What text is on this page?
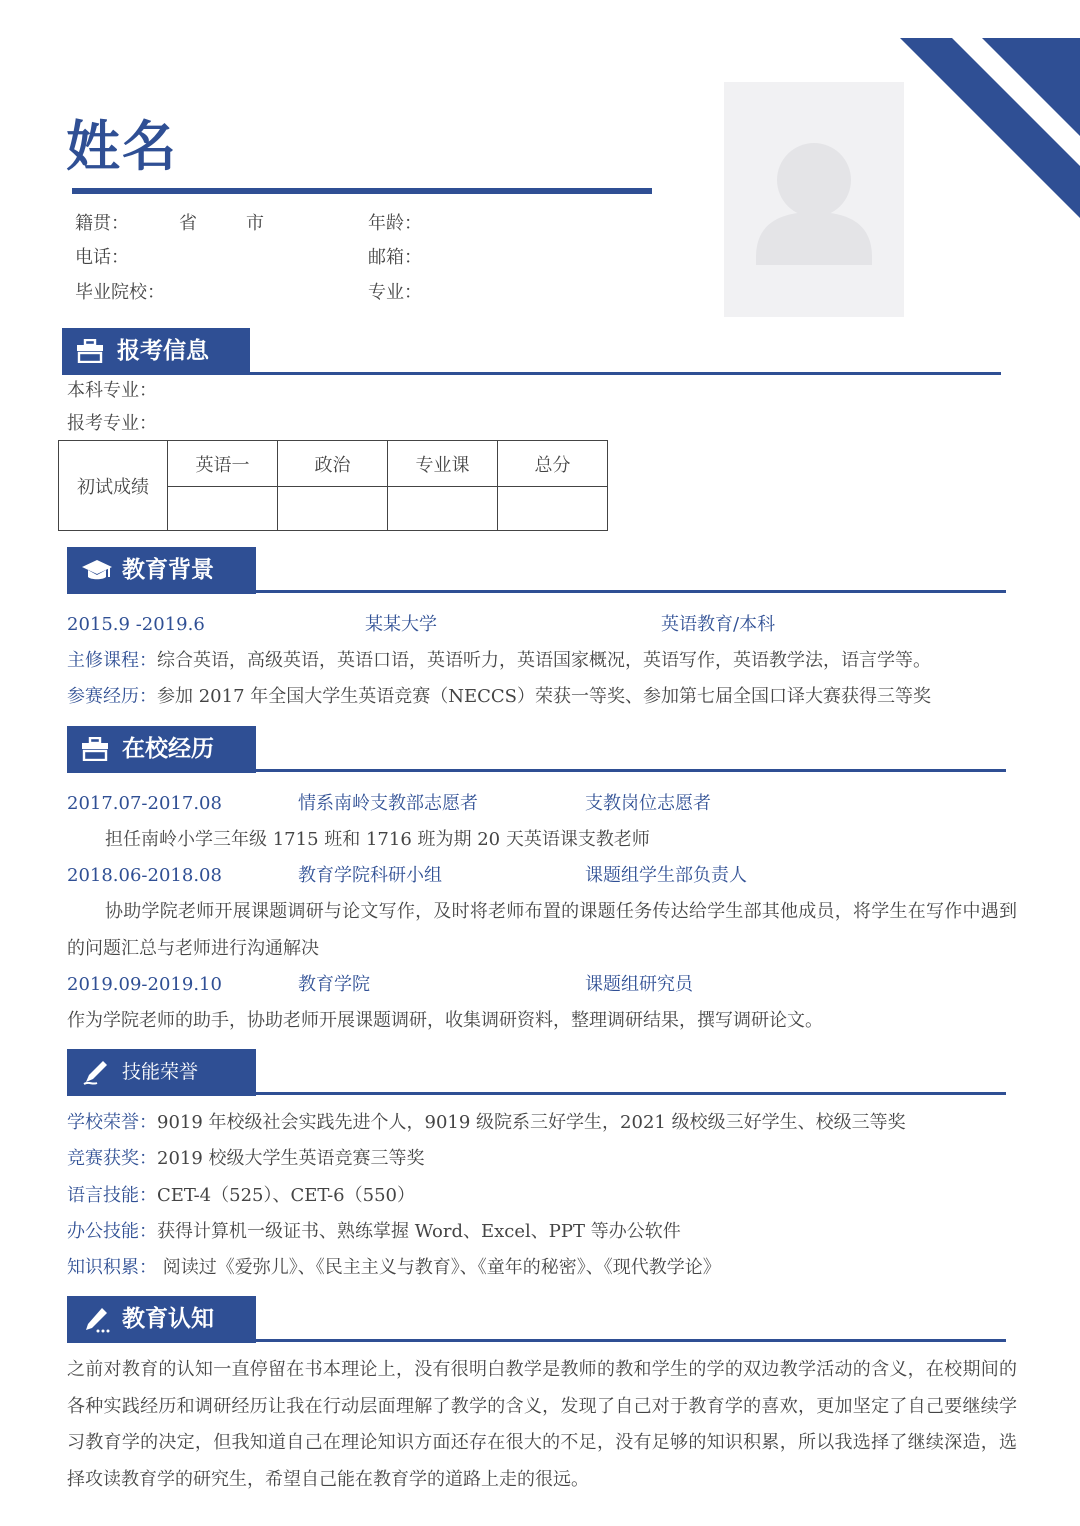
姓名
籍贯：	省	市	年龄：
电话：	邮箱：
毕业院校：	专业：
报考信息
本科专业：
报考专业：
初试成绩	英语一	政治	专业课	总分

教育背景
2015.9 -2019.6	某某大学	英语教育/本科
主修课程：综合英语，高级英语，英语口语，英语听力，英语国家概况，英语写作，英语教学法，语言学等。
参赛经历：参加 2017 年全国大学生英语竞赛（NECCS）荣获一等奖、参加第七届全国口译大赛获得三等奖
在校经历
2017.07-2017.08	情系南岭支教部志愿者	支教岗位志愿者
担任南岭小学三年级 1715 班和 1716 班为期 20 天英语课支教老师
2018.06-2018.08	教育学院科研小组	课题组学生部负责人
协助学院老师开展课题调研与论文写作，及时将老师布置的课题任务传达给学生部其他成员，将学生在写作中遇到的问题汇总与老师进行沟通解决
2019.09-2019.10	教育学院	课题组研究员
作为学院老师的助手，协助老师开展课题调研，收集调研资料，整理调研结果，撰写调研论文。
技能荣誉
学校荣誉：9019 年校级社会实践先进个人，9019 级院系三好学生，2021 级校级三好学生、校级三等奖
竞赛获奖：2019 校级大学生英语竞赛三等奖
语言技能：CET-4（525）、CET-6（550）
办公技能：获得计算机一级证书、熟练掌握 Word、Excel、PPT 等办公软件
知识积累： 阅读过《爱弥儿》、《民主主义与教育》、《童年的秘密》、《现代教学论》
教育认知
之前对教育的认知一直停留在书本理论上，没有很明白教学是教师的教和学生的学的双边教学活动的含义，在校期间的各种实践经历和调研经历让我在行动层面理解了教学的含义，发现了自己对于教育学的喜欢，更加坚定了自己要继续学习教育学的决定，但我知道自己在理论知识方面还存在很大的不足，没有足够的知识积累，所以我选择了继续深造，选择攻读教育学的研究生，希望自己能在教育学的道路上走的很远。
